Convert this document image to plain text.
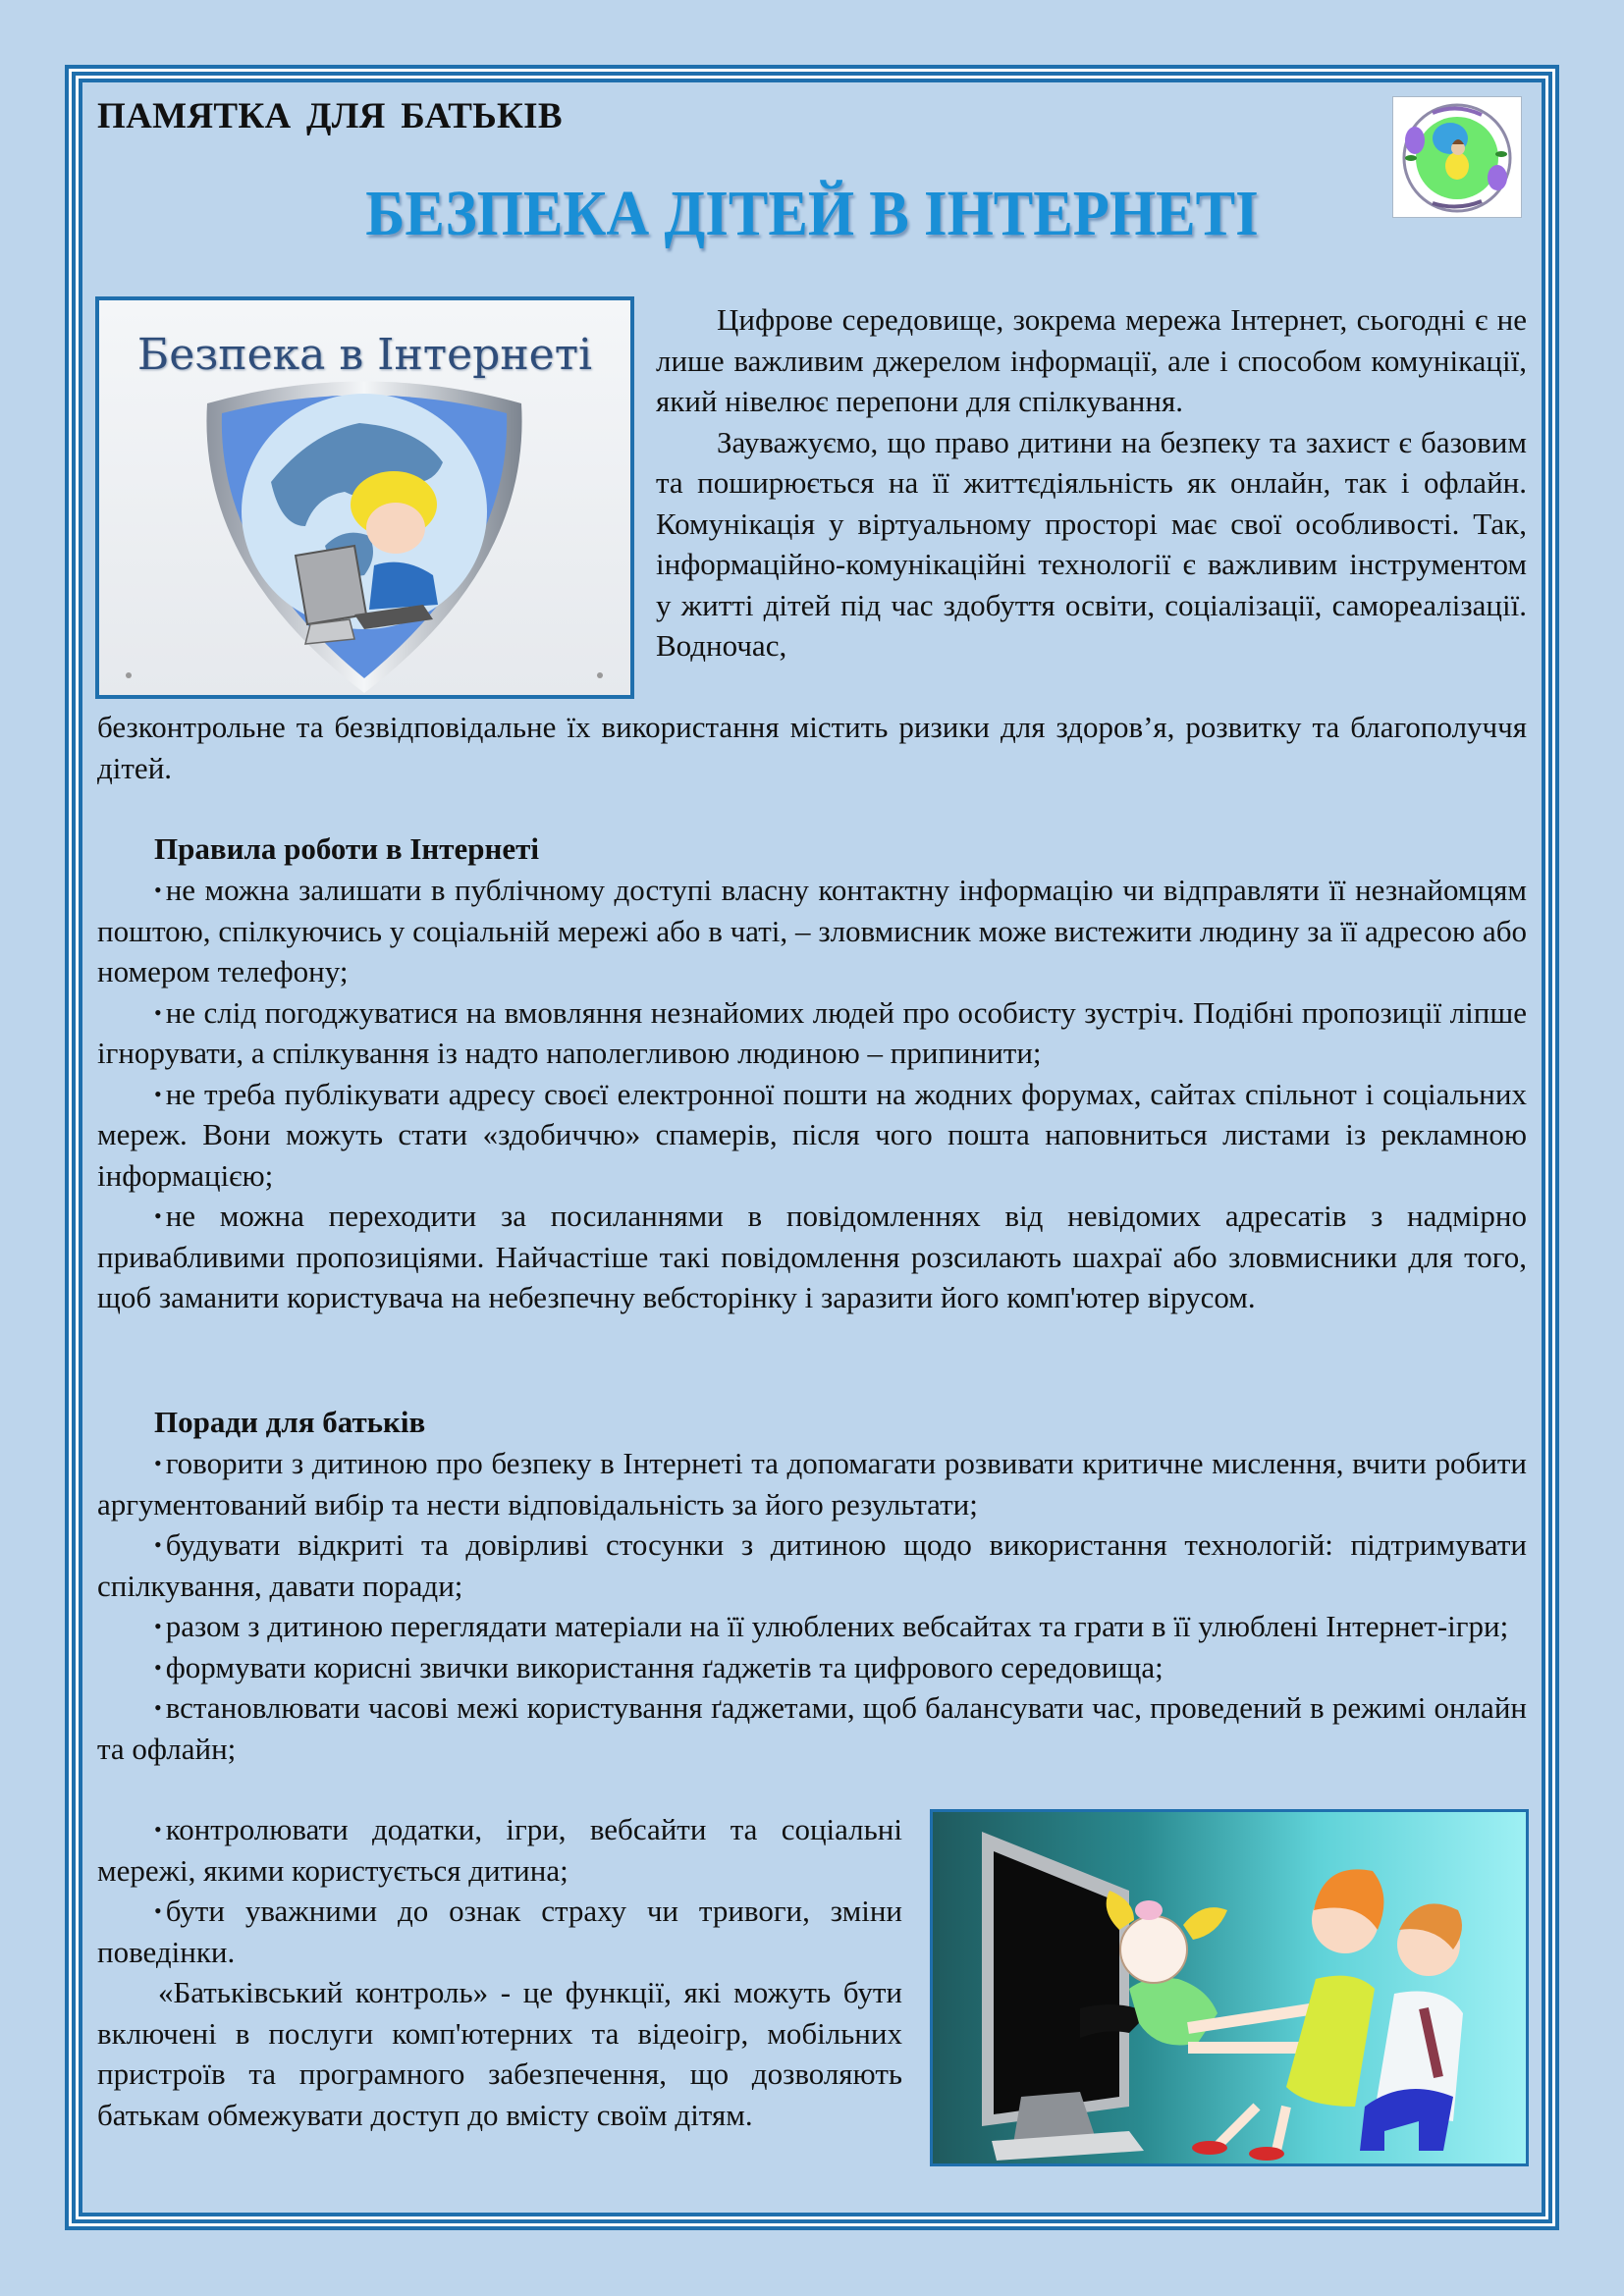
ПАМЯТКА ДЛЯ БАТЬКІВ
БЕЗПЕКА ДІТЕЙ В ІНТЕРНЕТІ
Безпека в Інтернеті

Цифрове середовище, зокрема мережа Інтернет, сьогодні є не лише важливим джерелом інформації, але і способом комунікації, який нівелює перепони для спілкування.

Зауважуємо, що право дитини на безпеку та захист є базовим та поширюється на її життєдіяльність як онлайн, так і офлайн. Комунікація у віртуальному просторі має свої особливості. Так, інформаційно-комунікаційні технології є важливим інструментом у житті дітей під час здобуття освіти, соціалізації, самореалізації. Водночас,

безконтрольне та безвідповідальне їх використання містить ризики для здоров’я, розвитку та благополуччя дітей.

Правила роботи в Інтернеті

• не можна залишати в публічному доступі власну контактну інформацію чи відправляти її незнайомцям поштою, спілкуючись у соціальній мережі або в чаті, – зловмисник може вистежити людину за її адресою або номером телефону;

• не слід погоджуватися на вмовляння незнайомих людей про особисту зустріч. Подібні пропозиції ліпше ігнорувати, а спілкування із надто наполегливою людиною – припинити;

• не треба публікувати адресу своєї електронної пошти на жодних форумах, сайтах спільнот і соціальних мереж. Вони можуть стати «здобиччю» спамерів, після чого пошта наповниться листами із рекламною інформацією;

• не можна переходити за посиланнями в повідомленнях від невідомих адресатів з надмірно привабливими пропозиціями. Найчастіше такі повідомлення розсилають шахраї або зловмисники для того, щоб заманити користувача на небезпечну вебсторінку і заразити його комп'ютер вірусом.

Поради для батьків

• говорити з дитиною про безпеку в Інтернеті та допомагати розвивати критичне мислення, вчити робити аргументований вибір та нести відповідальність за його результати;

• будувати відкриті та довірливі стосунки з дитиною щодо використання технологій: підтримувати спілкування, давати поради;

• разом з дитиною переглядати матеріали на її улюблених вебсайтах та грати в її улюблені Інтернет-ігри;

• формувати корисні звички використання ґаджетів та цифрового середовища;

• встановлювати часові межі користування ґаджетами, щоб балансувати час, проведений в режимі онлайн та офлайн;

• контролювати додатки, ігри, вебсайти та соціальні мережі, якими користується дитина;

• бути уважними до ознак страху чи тривоги, зміни поведінки.

«Батьківський контроль» - це функції, які можуть бути включені в послуги комп'ютерних та відеоігр, мобільних пристроїв та програмного забезпечення, що дозволяють батькам обмежувати доступ до вмісту своїм дітям.
